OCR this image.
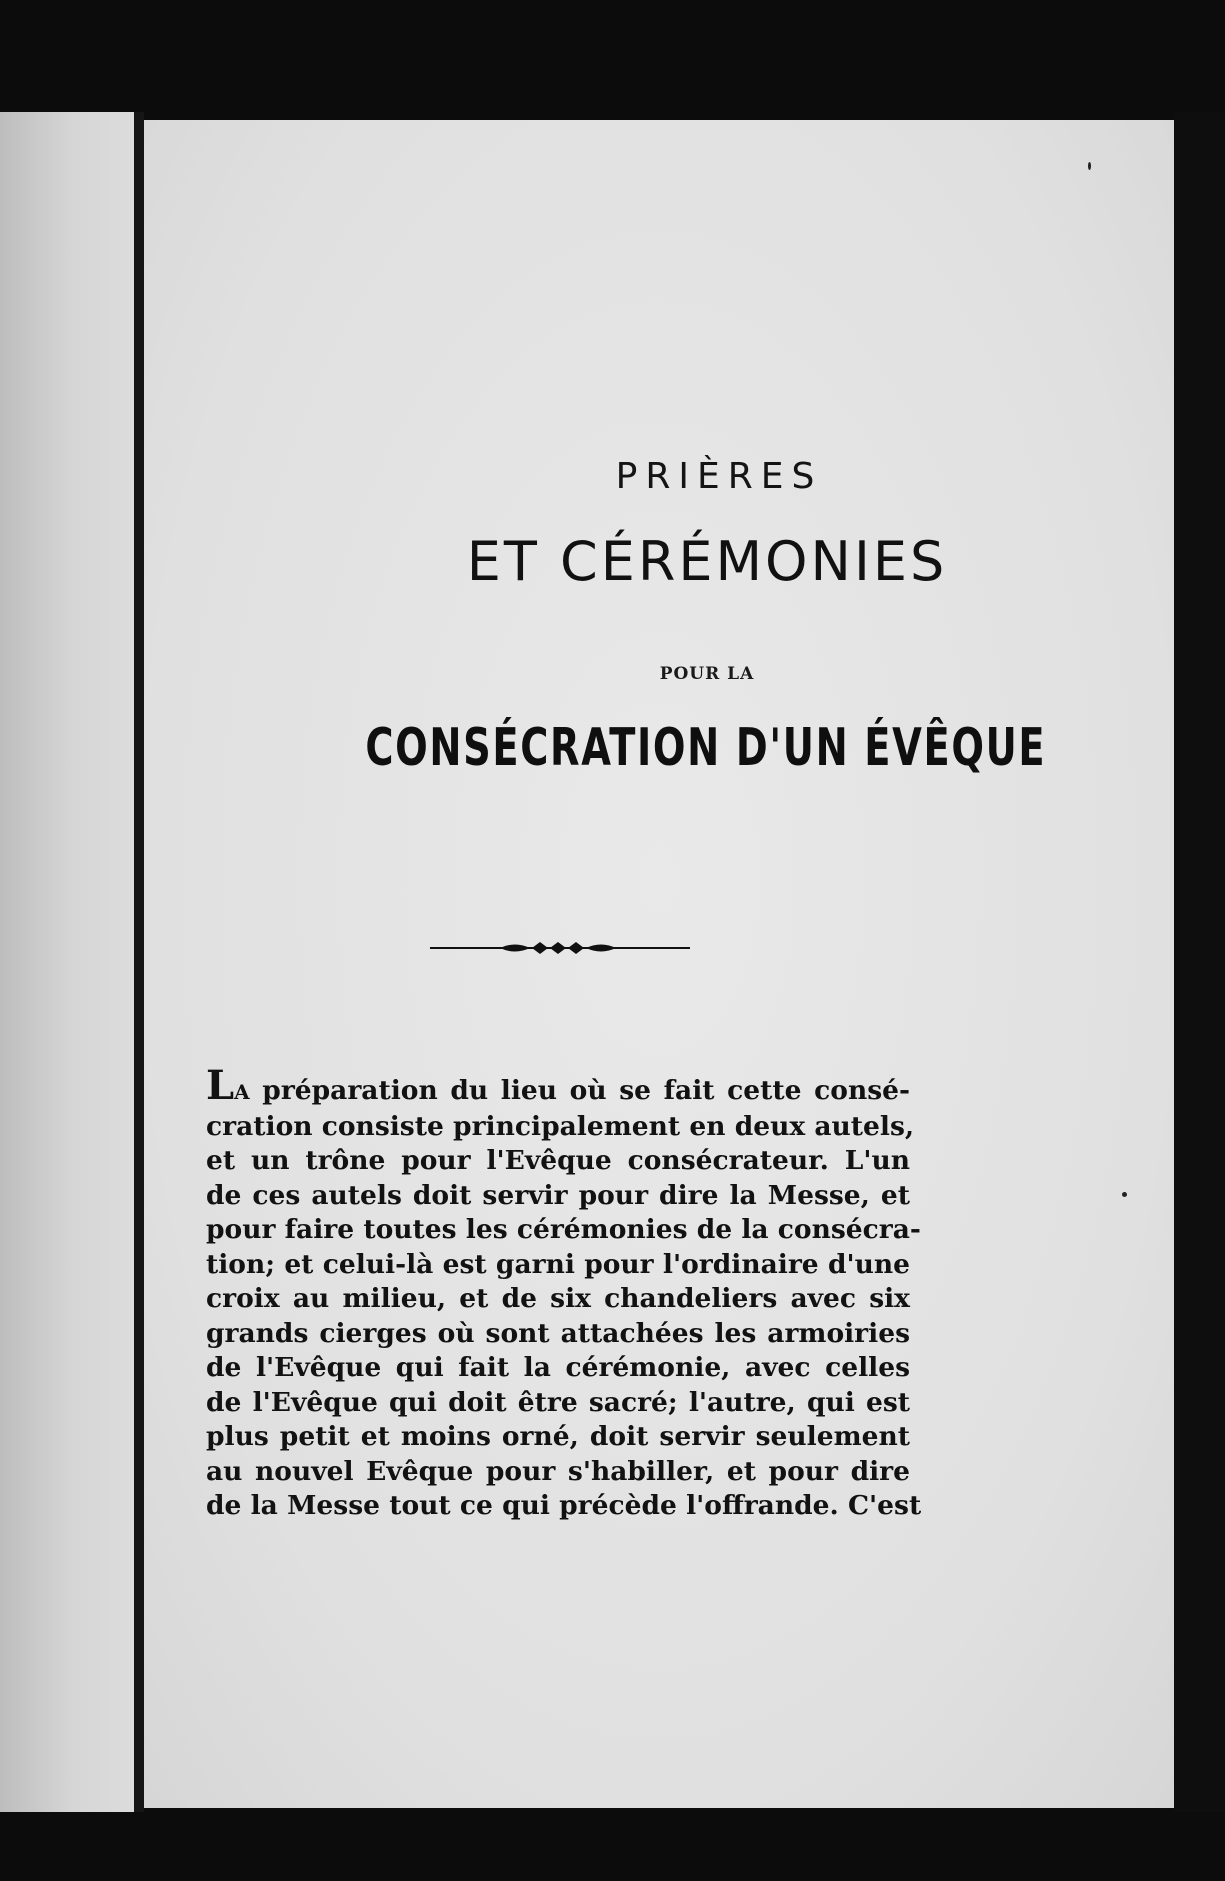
PRIÈRES
ET CÉRÉMONIES
POUR LA
CONSÉCRATION D'UN ÉVÊQUE
LA préparation du lieu où se fait cette consé-
cration consiste principalement en deux autels,
et un trône pour l'Evêque consécrateur. L'un
de ces autels doit servir pour dire la Messe, et
pour faire toutes les cérémonies de la consécra-
tion; et celui-là est garni pour l'ordinaire d'une
croix au milieu, et de six chandeliers avec six
grands cierges où sont attachées les armoiries
de l'Evêque qui fait la cérémonie, avec celles
de l'Evêque qui doit être sacré; l'autre, qui est
plus petit et moins orné, doit servir seulement
au nouvel Evêque pour s'habiller, et pour dire
de la Messe tout ce qui précède l'offrande. C'est
